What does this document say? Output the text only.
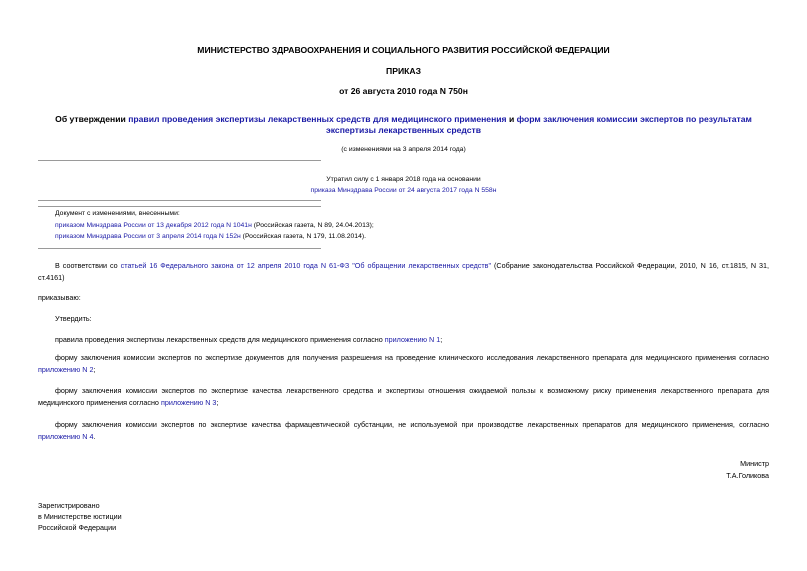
МИНИСТЕРСТВО ЗДРАВООХРАНЕНИЯ И СОЦИАЛЬНОГО РАЗВИТИЯ РОССИЙСКОЙ ФЕДЕРАЦИИ
ПРИКАЗ
от 26 августа 2010 года N 750н
Об утверждении правил проведения экспертизы лекарственных средств для медицинского применения и форм заключения комиссии экспертов по результатам экспертизы лекарственных средств
(с изменениями на 3 апреля 2014 года)
Утратил силу с 1 января 2018 года на основании
приказа Минздрава России от 24 августа 2017 года N 558н
Документ с изменениями, внесенными:
приказом Минздрава России от 13 декабря 2012 года N 1041н (Российская газета, N 89, 24.04.2013);
приказом Минздрава России от 3 апреля 2014 года N 152н (Российская газета, N 179, 11.08.2014).
В соответствии со статьей 16 Федерального закона от 12 апреля 2010 года N 61-ФЗ "Об обращении лекарственных средств" (Собрание законодательства Российской Федерации, 2010, N 16, ст.1815, N 31, ст.4161)
приказываю:
Утвердить:
правила проведения экспертизы лекарственных средств для медицинского применения согласно приложению N 1;
форму заключения комиссии экспертов по экспертизе документов для получения разрешения на проведение клинического исследования лекарственного препарата для медицинского применения согласно приложению N 2;
форму заключения комиссии экспертов по экспертизе качества лекарственного средства и экспертизы отношения ожидаемой пользы к возможному риску применения лекарственного препарата для медицинского применения согласно приложению N 3;
форму заключения комиссии экспертов по экспертизе качества фармацевтической субстанции, не используемой при производстве лекарственных препаратов для медицинского применения, согласно приложению N 4.
Министр
Т.А.Голикова
Зарегистрировано
в Министерстве юстиции
Российской Федерации
